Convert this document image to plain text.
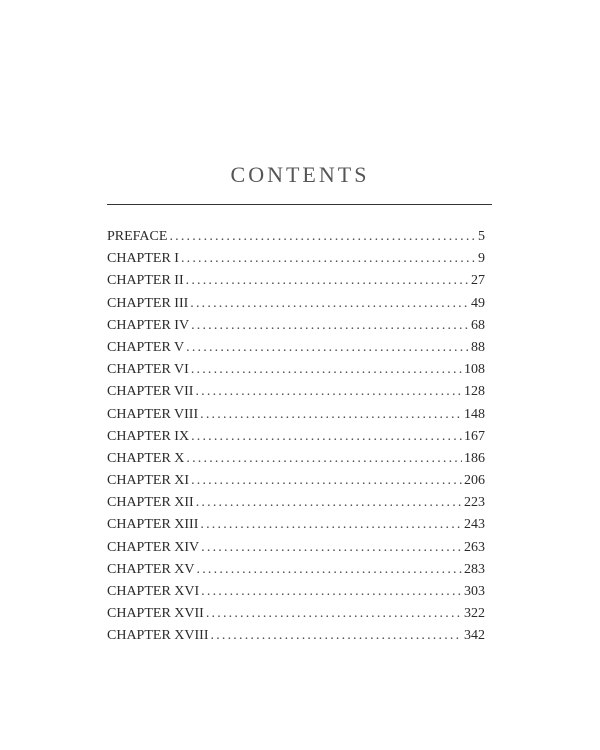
CONTENTS
PREFACE .....	5
CHAPTER I .....	9
CHAPTER II .....	27
CHAPTER III .....	49
CHAPTER IV .....	68
CHAPTER V .....	88
CHAPTER VI .....	108
CHAPTER VII .....	128
CHAPTER VIII .....	148
CHAPTER IX .....	167
CHAPTER X .....	186
CHAPTER XI .....	206
CHAPTER XII .....	223
CHAPTER XIII .....	243
CHAPTER XIV .....	263
CHAPTER XV .....	283
CHAPTER XVI .....	303
CHAPTER XVII .....	322
CHAPTER XVIII .....	342
